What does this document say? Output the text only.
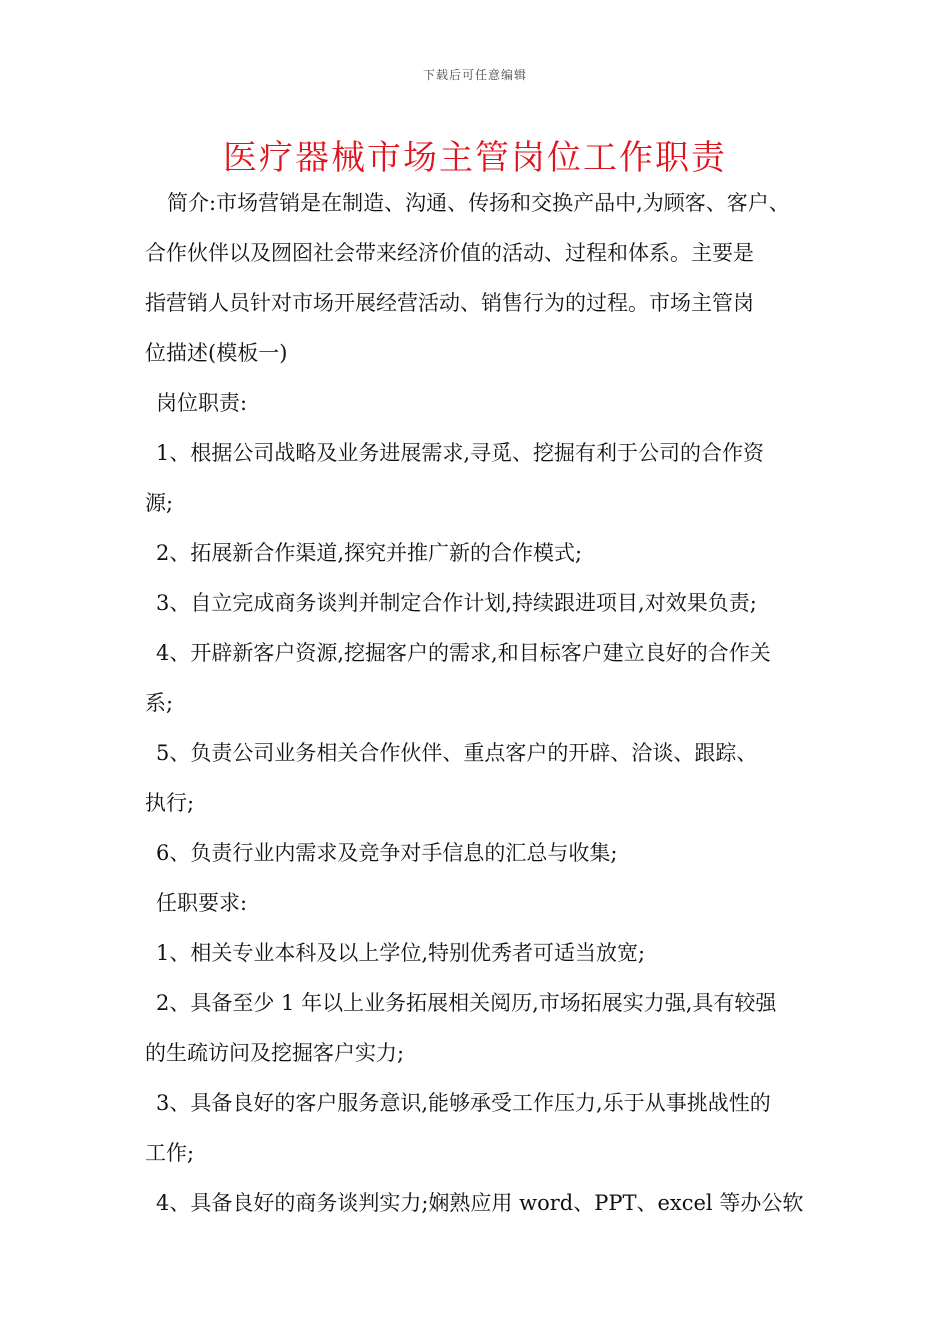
下载后可任意编辑
医疗器械市场主管岗位工作职责
简介:市场营销是在制造、沟通、传扬和交换产品中,为顾客、客户、
合作伙伴以及囫囵社会带来经济价值的活动、过程和体系。主要是
指营销人员针对市场开展经营活动、销售行为的过程。市场主管岗
位描述(模板一)
岗位职责:
1、根据公司战略及业务进展需求,寻觅、挖掘有利于公司的合作资
源;
2、拓展新合作渠道,探究并推广新的合作模式;
3、自立完成商务谈判并制定合作计划,持续跟进项目,对效果负责;
4、开辟新客户资源,挖掘客户的需求,和目标客户建立良好的合作关
系;
5、负责公司业务相关合作伙伴、重点客户的开辟、洽谈、跟踪、
执行;
6、负责行业内需求及竞争对手信息的汇总与收集;
任职要求:
1、相关专业本科及以上学位,特别优秀者可适当放宽;
2、具备至少 1 年以上业务拓展相关阅历,市场拓展实力强,具有较强
的生疏访问及挖掘客户实力;
3、具备良好的客户服务意识,能够承受工作压力,乐于从事挑战性的
工作;
4、具备良好的商务谈判实力;娴熟应用 word、PPT、excel 等办公软
